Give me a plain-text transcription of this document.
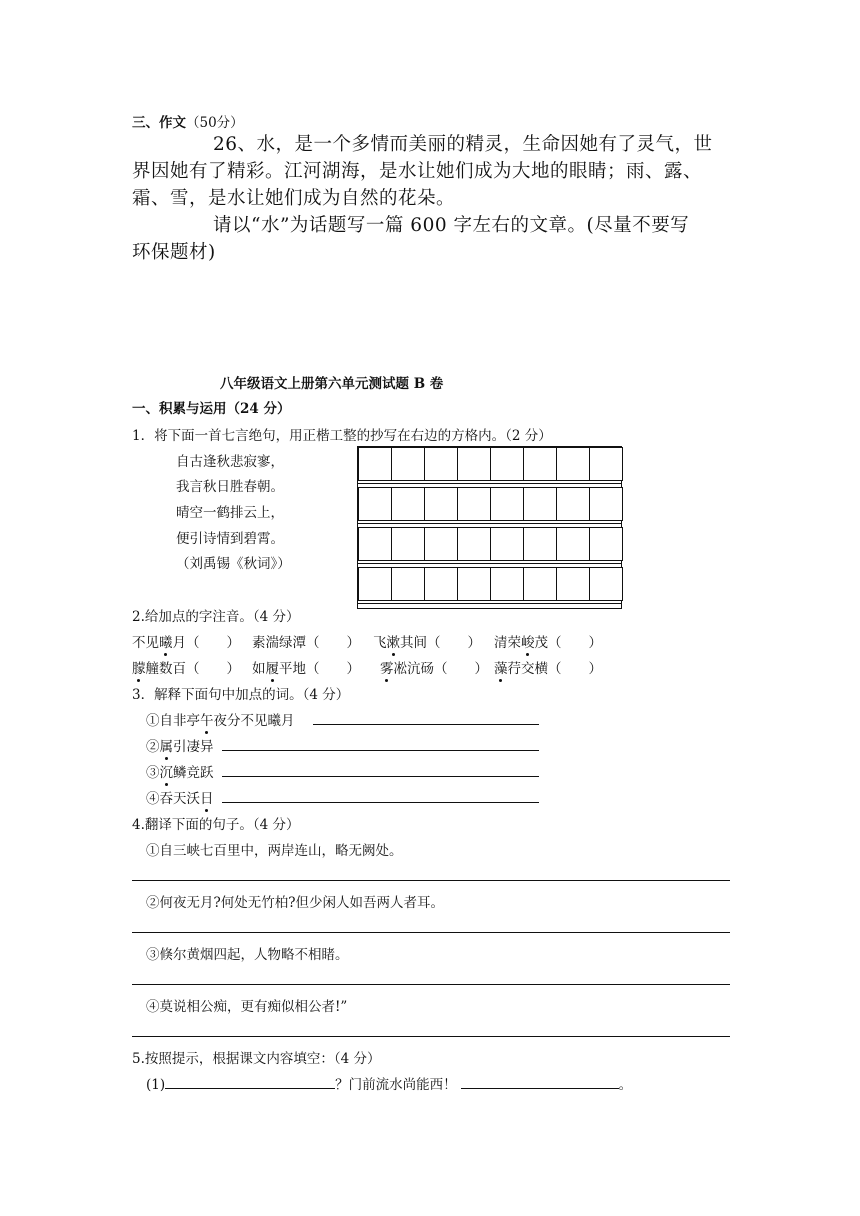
三、作文（50分）
26、水，是一个多情而美丽的精灵，生命因她有了灵气，世
界因她有了精彩。江河湖海，是水让她们成为大地的眼睛；雨、露、
霜、雪，是水让她们成为自然的花朵。
请以“水”为话题写一篇 600 字左右的文章。(尽量不要写
环保题材)
八年级语文上册第六单元测试题 B 卷
一、积累与运用（24 分）
1．将下面一首七言绝句，用正楷工整的抄写在右边的方格内。（2 分）
自古逢秋悲寂寥，
我言秋日胜春朝。
晴空一鹤排云上，
便引诗情到碧霄。
（刘禹锡《秋词》）
2.给加点的字注音。（4 分）
不见曦月（　　） 素湍绿潭（　　） 飞漱其间（　　） 清荣峻茂（　　）
朦艟数百（　　） 如履平地（　　） 雾凇沆砀（　　） 藻荇交横（　　）
3．解释下面句中加点的词。（4 分）
①自非亭午夜分不见曦月
②属引凄异
③沉鳞竞跃
④吞天沃日
4.翻译下面的句子。（4 分）
①自三峡七百里中，两岸连山，略无阙处。
②何夜无月?何处无竹柏?但少闲人如吾两人者耳。
③倏尔黄烟四起，人物略不相睹。
④莫说相公痴，更有痴似相公者!”
5.按照提示，根据课文内容填空：（4 分）
(1)	？门前流水尚能西！	。
